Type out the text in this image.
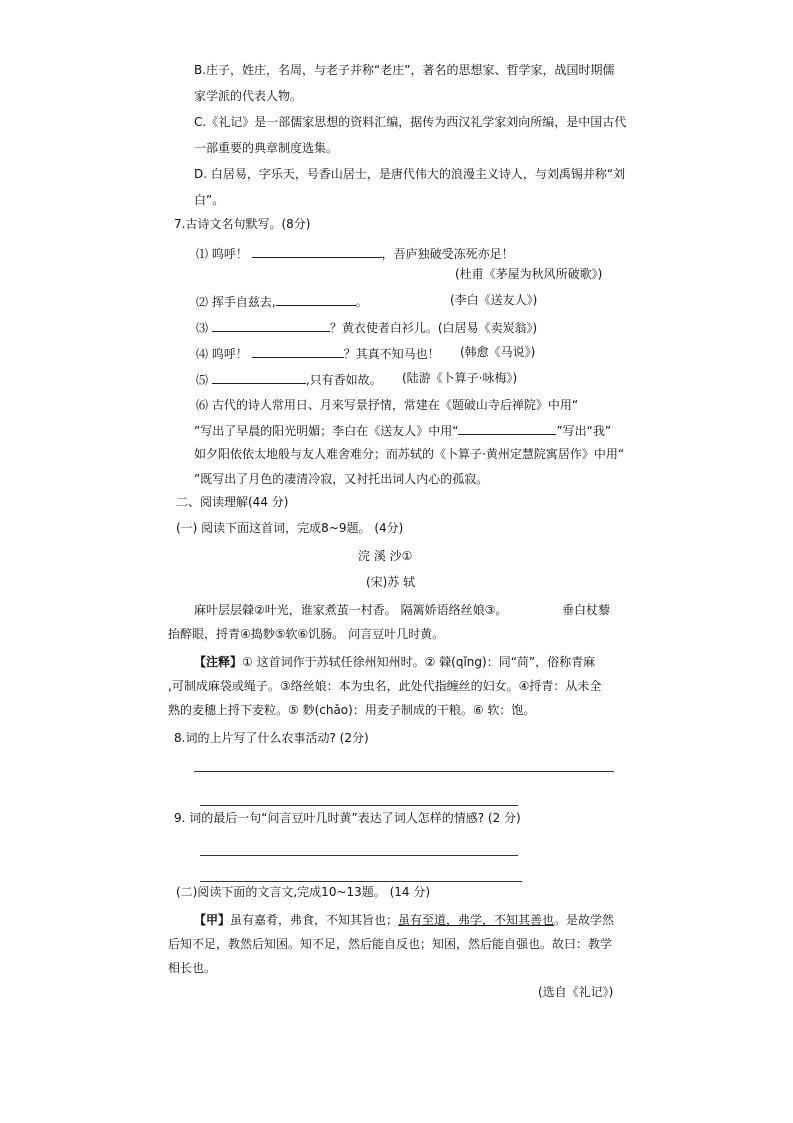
B.庄子，姓庄，名周，与老子并称“老庄”，著名的思想家、哲学家，战国时期儒
家学派的代表人物。
C.《礼记》是一部儒家思想的资料汇编，据传为西汉礼学家刘向所编，是中国古代
一部重要的典章制度选集。
D. 白居易，字乐天，号香山居士，是唐代伟大的浪漫主义诗人，与刘禹锡并称“刘
白”。
7.古诗文名句默写。(8分)
⑴ 呜呼！	，吾庐独破受冻死亦足！
(杜甫《茅屋为秋风所破歌》)
⑵ 挥手自兹去,	。	(李白《送友人》)
⑶	？黄衣使者白衫儿。(白居易《卖炭翁》)
⑷ 呜呼！	？其真不知马也！ (韩愈《马说》)
⑸	,只有香如故。 (陆游《卜算子·咏梅》)
⑹ 古代的诗人常用日、月来写景抒情，常建在《题破山寺后禅院》中用“
”写出了早晨的阳光明媚；李白在《送友人》中用“	”写出“我”
如夕阳依依太地般与友人难舍难分；而苏轼的《卜算子·黄州定慧院寓居作》中用“
”既写出了月色的凄清冷寂，又衬托出词人内心的孤寂。
二、阅读理解(44 分)
(一) 阅读下面这首词，完成8~9题。 (4分)
浣 溪 沙①
(宋)苏 轼
麻叶层层檾②叶光，谁家煮茧一村香。 隔篱娇语络丝娘③。	垂白杖藜
抬醉眼，捋青④捣麨⑤软⑥饥肠。 问言豆叶几时黄。
【注释】① 这首词作于苏轼任徐州知州时。② 檾(qǐng)：同“苘”，俗称青麻
,可制成麻袋或绳子。③络丝娘：本为虫名，此处代指缠丝的妇女。④捋青：从未全
熟的麦穗上捋下麦粒。⑤ 麨(chǎo)：用麦子制成的干粮。⑥ 软：饱。
8.词的上片写了什么农事活动? (2分)
9. 词的最后一句“问言豆叶几时黄”表达了词人怎样的情感? (2 分)
(二)阅读下面的文言文,完成10~13题。 (14 分)
【甲】虽有嘉肴，弗食，不知其旨也；虽有至道，弗学，不知其善也。是故学然
后知不足，教然后知困。知不足，然后能自反也；知困，然后能自强也。故曰：教学
相长也。
(选自《礼记》)
